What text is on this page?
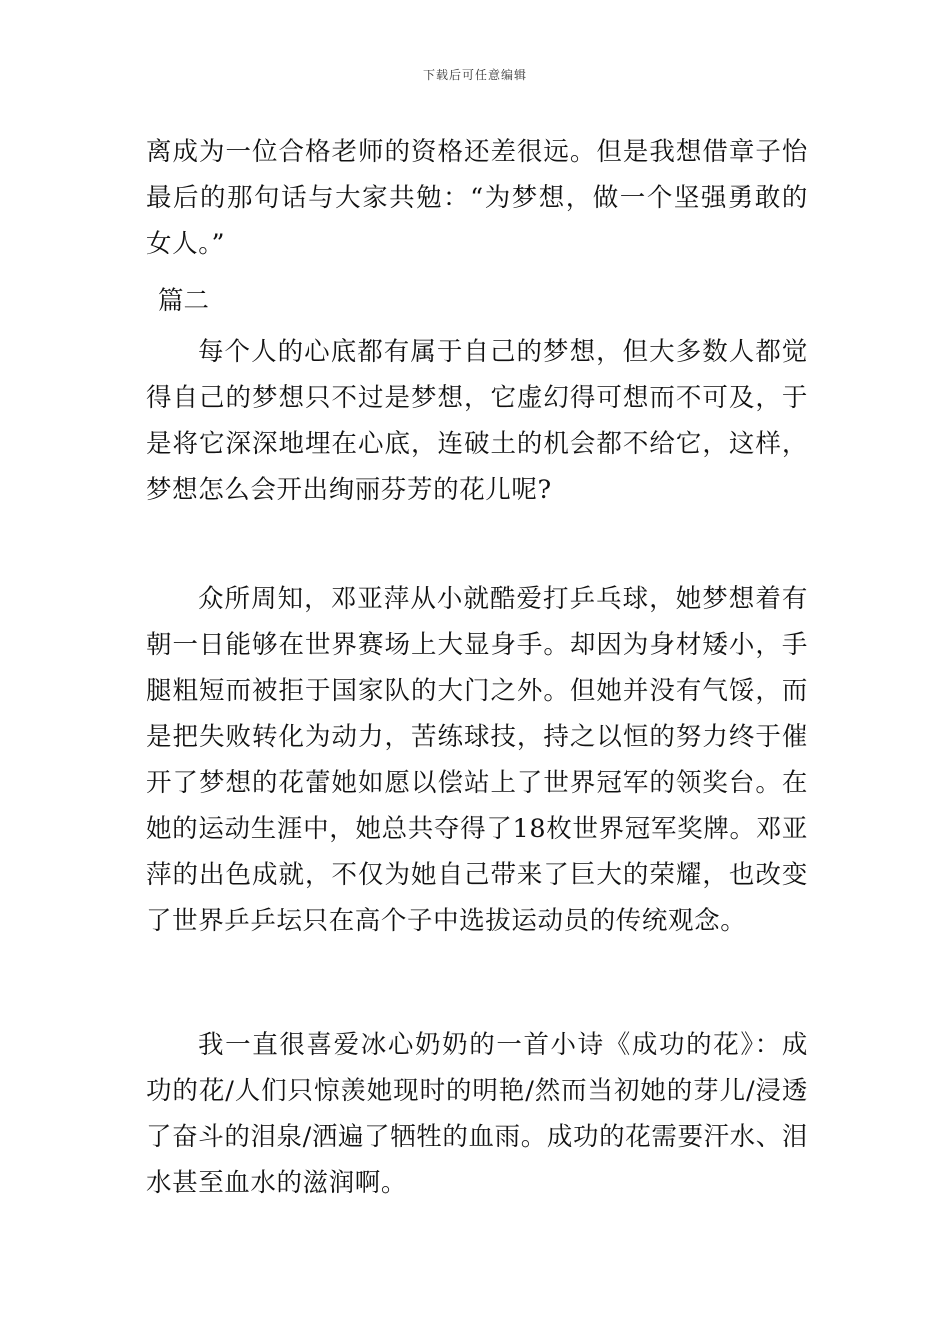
下载后可任意编辑
离成为一位合格老师的资格还差很远。但是我想借章子怡最后的那句话与大家共勉：“为梦想，做一个坚强勇敢的女人。”
篇二
每个人的心底都有属于自己的梦想，但大多数人都觉得自己的梦想只不过是梦想，它虚幻得可想而不可及，于是将它深深地埋在心底，连破土的机会都不给它，这样，梦想怎么会开出绚丽芬芳的花儿呢?
众所周知，邓亚萍从小就酷爱打乒乓球，她梦想着有朝一日能够在世界赛场上大显身手。却因为身材矮小，手腿粗短而被拒于国家队的大门之外。但她并没有气馁，而是把失败转化为动力，苦练球技，持之以恒的努力终于催开了梦想的花蕾她如愿以偿站上了世界冠军的领奖台。在她的运动生涯中，她总共夺得了18枚世界冠军奖牌。邓亚萍的出色成就，不仅为她自己带来了巨大的荣耀，也改变了世界乒乒坛只在高个子中选拔运动员的传统观念。
我一直很喜爱冰心奶奶的一首小诗《成功的花》：成功的花/人们只惊羡她现时的明艳/然而当初她的芽儿/浸透了奋斗的泪泉/洒遍了牺牲的血雨。成功的花需要汗水、泪水甚至血水的滋润啊。
